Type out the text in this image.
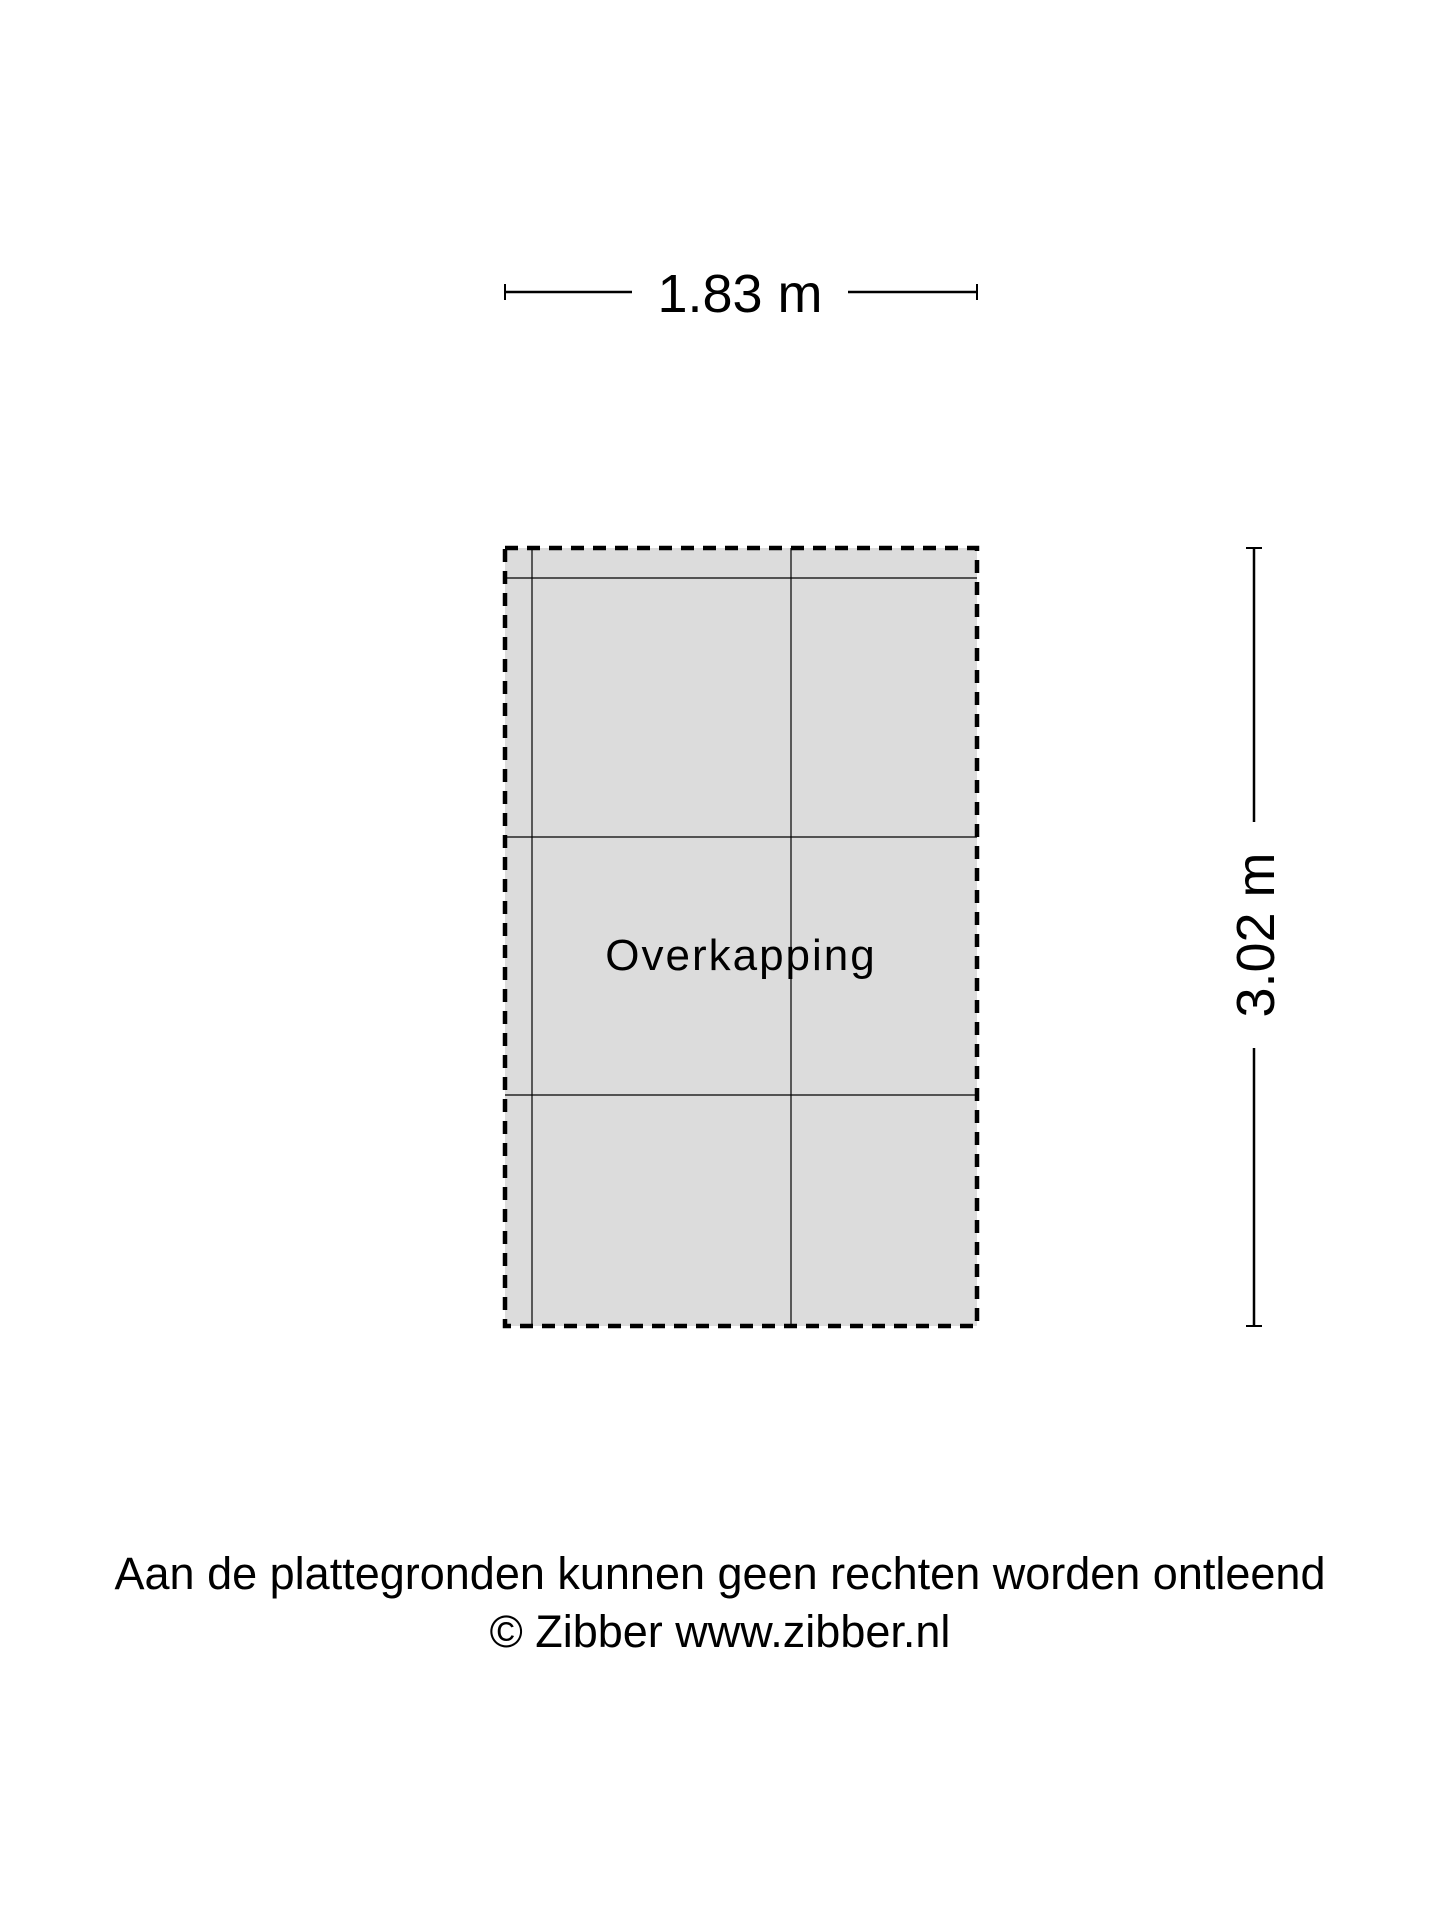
1.83 m
Overkapping	3.02 m
Aan de plattegronden kunnen geen rechten worden ontleend
© Zibber www.zibber.nl
